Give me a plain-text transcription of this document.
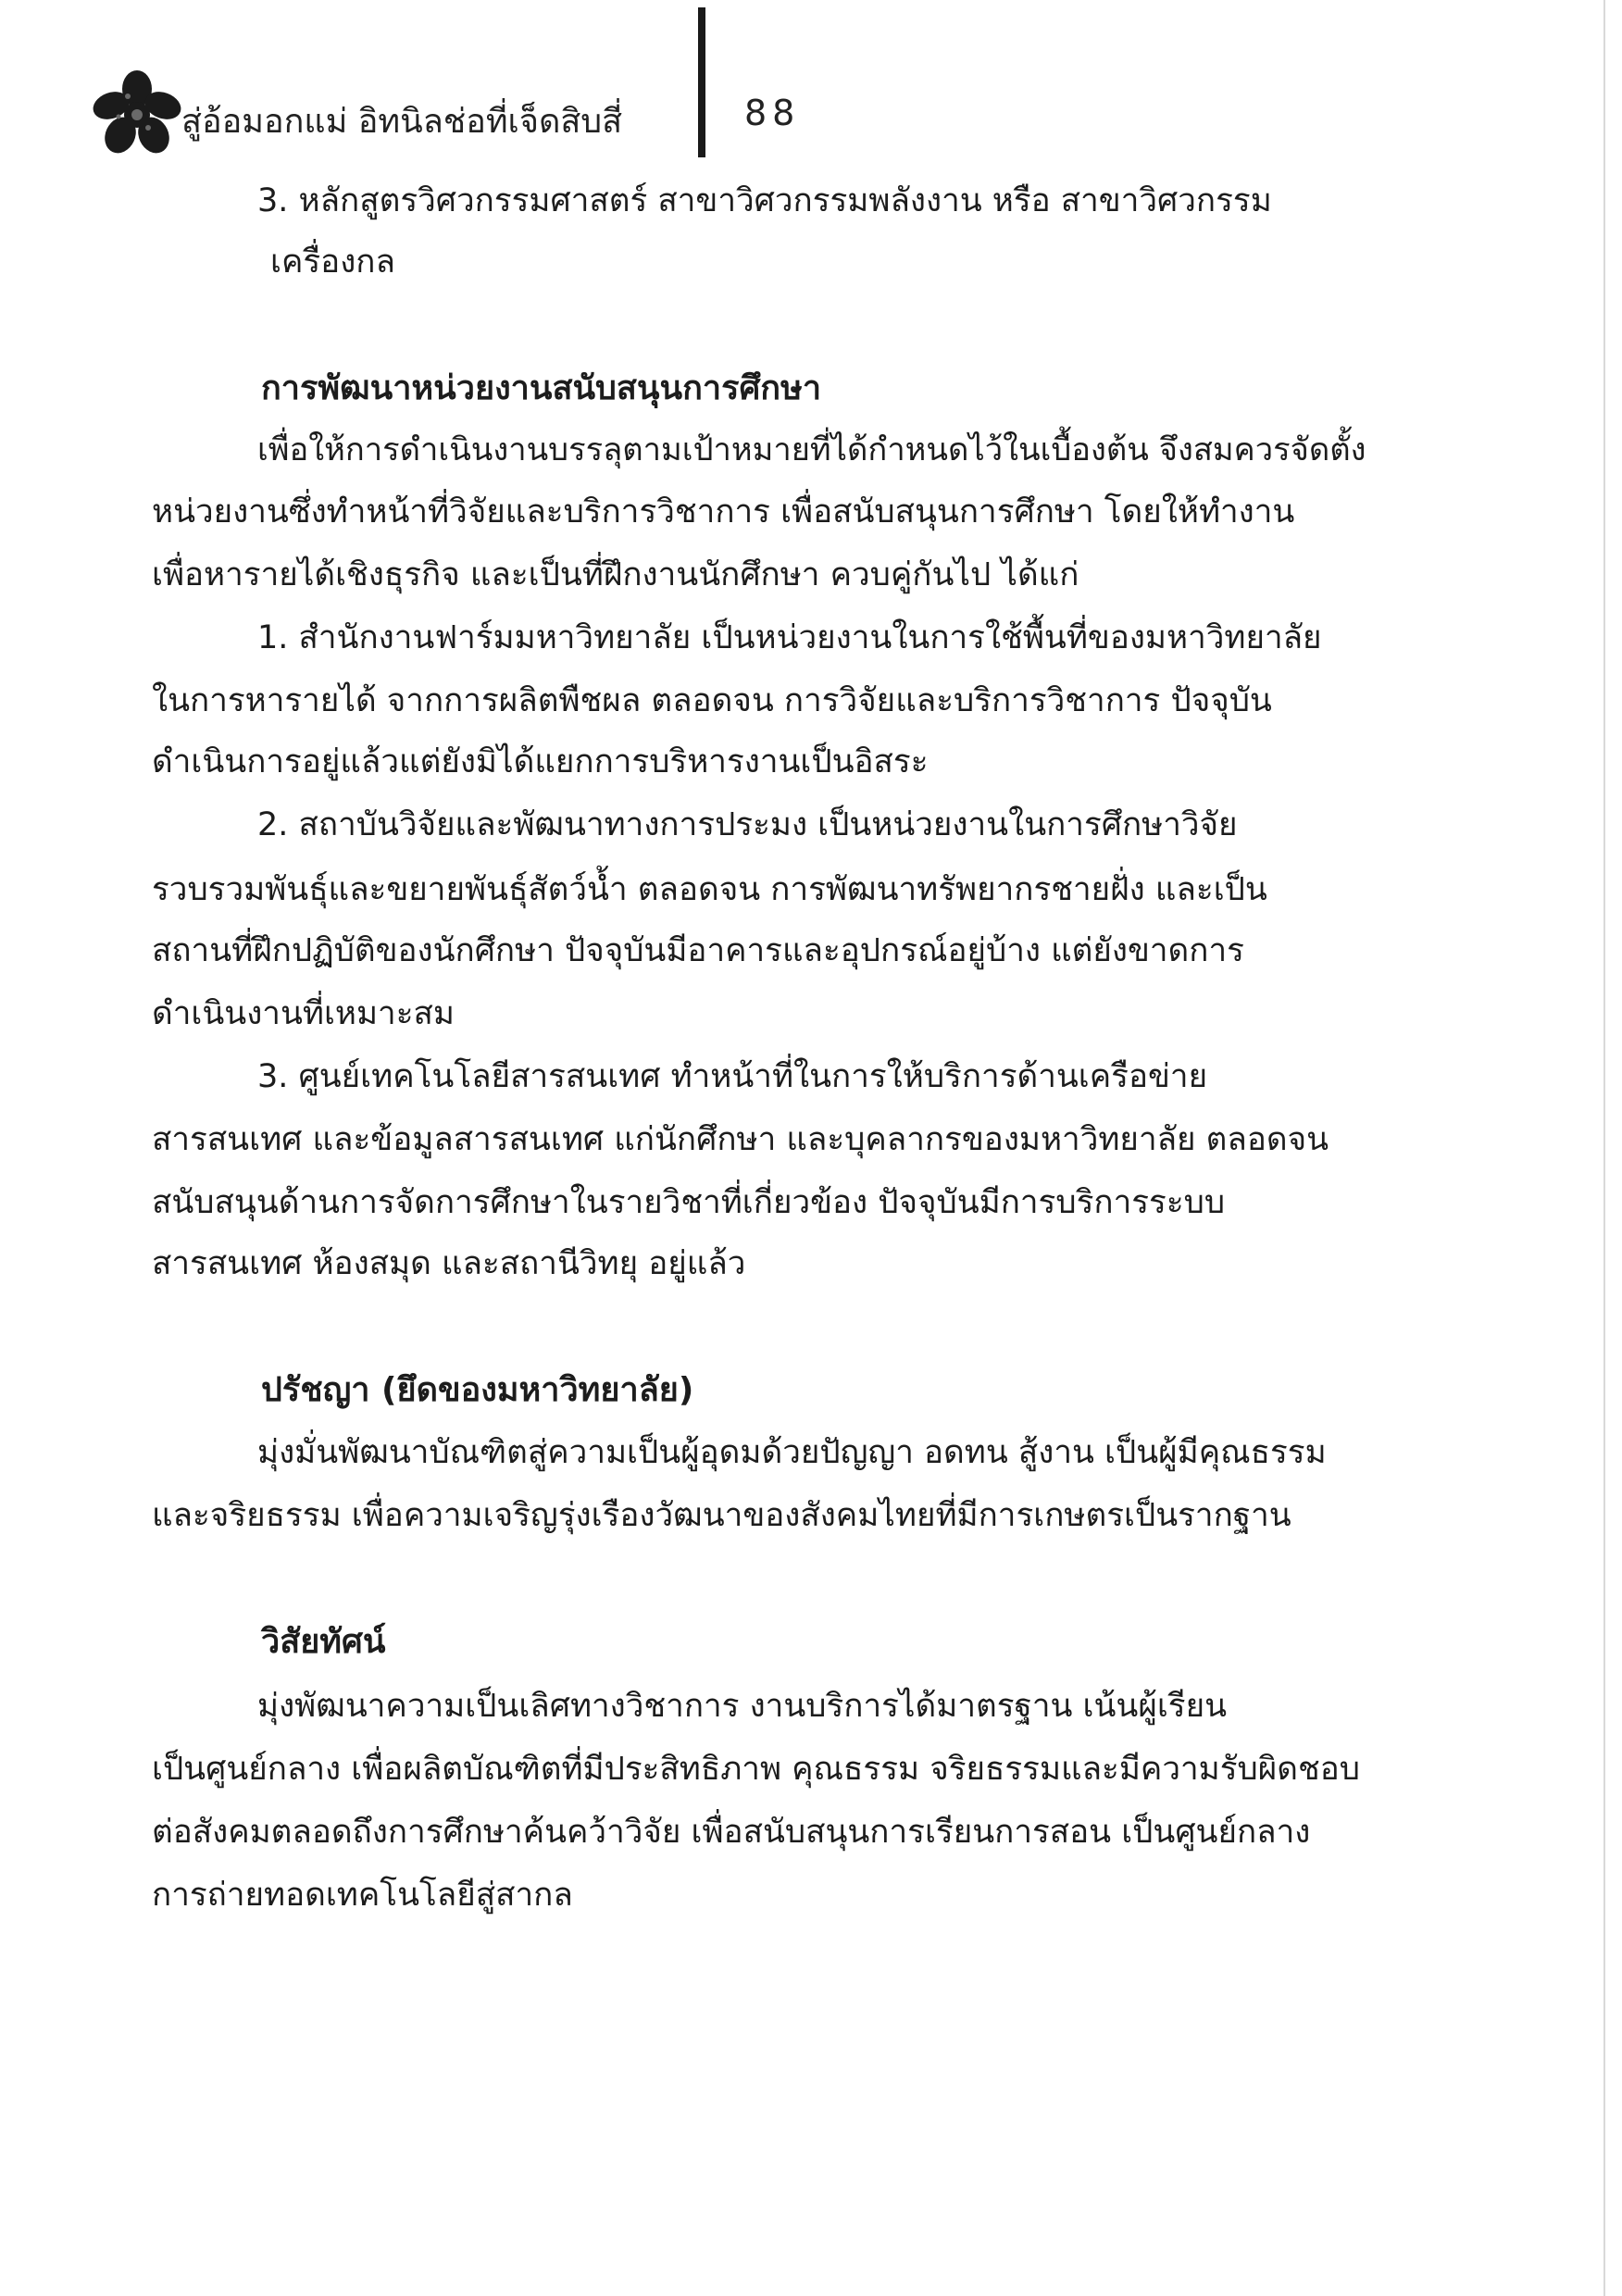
สู่อ้อมอกแม่ อิทนิลช่อที่เจ็ดสิบสี่	88
3. หลักสูตรวิศวกรรมศาสตร์ สาขาวิศวกรรมพลังงาน หรือ สาขาวิศวกรรม
เครื่องกล
การพัฒนาหน่วยงานสนับสนุนการศึกษา
เพื่อให้การดำเนินงานบรรลุตามเป้าหมายที่ได้กำหนดไว้ในเบื้องต้น จึงสมควรจัดตั้ง
หน่วยงานซึ่งทำหน้าที่วิจัยและบริการวิชาการ เพื่อสนับสนุนการศึกษา โดยให้ทำงาน
เพื่อหารายได้เชิงธุรกิจ และเป็นที่ฝึกงานนักศึกษา ควบคู่กันไป ได้แก่
1. สำนักงานฟาร์มมหาวิทยาลัย เป็นหน่วยงานในการใช้พื้นที่ของมหาวิทยาลัย
ในการหารายได้ จากการผลิตพืชผล ตลอดจน การวิจัยและบริการวิชาการ ปัจจุบัน
ดำเนินการอยู่แล้วแต่ยังมิได้แยกการบริหารงานเป็นอิสระ
2. สถาบันวิจัยและพัฒนาทางการประมง เป็นหน่วยงานในการศึกษาวิจัย
รวบรวมพันธุ์และขยายพันธุ์สัตว์น้ำ ตลอดจน การพัฒนาทรัพยากรชายฝั่ง และเป็น
สถานที่ฝึกปฏิบัติของนักศึกษา ปัจจุบันมีอาคารและอุปกรณ์อยู่บ้าง แต่ยังขาดการ
ดำเนินงานที่เหมาะสม
3. ศูนย์เทคโนโลยีสารสนเทศ ทำหน้าที่ในการให้บริการด้านเครือข่าย
สารสนเทศ และข้อมูลสารสนเทศ แก่นักศึกษา และบุคลากรของมหาวิทยาลัย ตลอดจน
สนับสนุนด้านการจัดการศึกษาในรายวิชาที่เกี่ยวข้อง ปัจจุบันมีการบริการระบบ
สารสนเทศ ห้องสมุด และสถานีวิทยุ อยู่แล้ว
ปรัชญา (ยึดของมหาวิทยาลัย)
มุ่งมั่นพัฒนาบัณฑิตสู่ความเป็นผู้อุดมด้วยปัญญา อดทน สู้งาน เป็นผู้มีคุณธรรม
และจริยธรรม เพื่อความเจริญรุ่งเรืองวัฒนาของสังคมไทยที่มีการเกษตรเป็นรากฐาน
วิสัยทัศน์
มุ่งพัฒนาความเป็นเลิศทางวิชาการ งานบริการได้มาตรฐาน เน้นผู้เรียน
เป็นศูนย์กลาง เพื่อผลิตบัณฑิตที่มีประสิทธิภาพ คุณธรรม จริยธรรมและมีความรับผิดชอบ
ต่อสังคมตลอดถึงการศึกษาค้นคว้าวิจัย เพื่อสนับสนุนการเรียนการสอน เป็นศูนย์กลาง
การถ่ายทอดเทคโนโลยีสู่สากล
